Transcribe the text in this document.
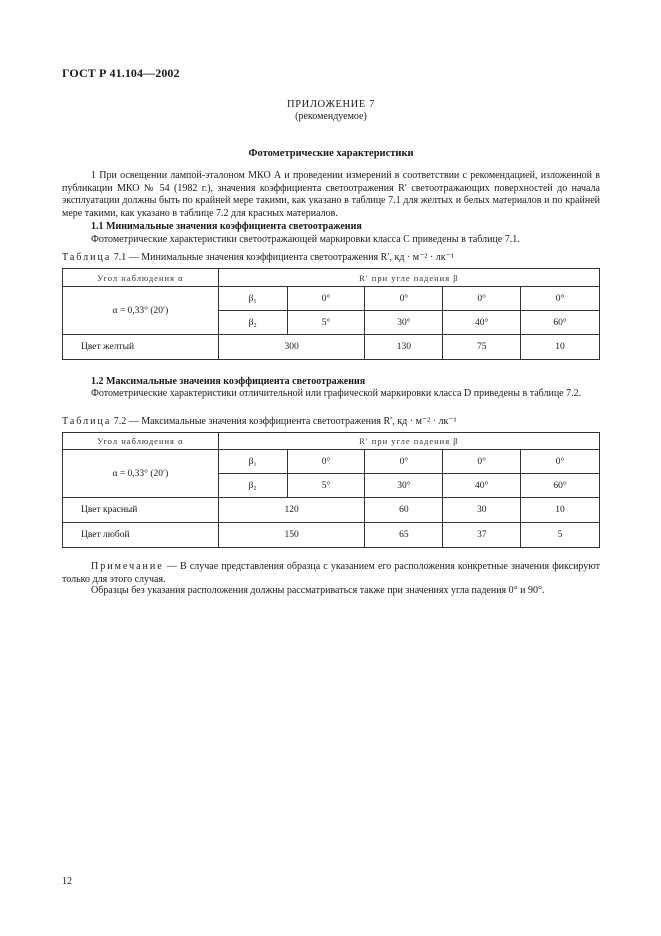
ГОСТ Р 41.104—2002
ПРИЛОЖЕНИЕ 7
(рекомендуемое)
Фотометрические характеристики
1 При освещении лампой-эталоном МКО А и проведении измерений в соответствии с рекомендацией, изложенной в публикации МКО № 54 (1982 г.), значения коэффициента светоотражения R′ светоотражающих поверхностей до начала эксплуатации должны быть по крайней мере такими, как указано в таблице 7.1 для желтых и белых материалов и по крайней мере такими, как указано в таблице 7.2 для красных материалов.
1.1 Минимальные значения коэффициента светоотражения
Фотометрические характеристики светоотражающей маркировки класса С приведены в таблице 7.1.
Таблица 7.1 — Минимальные значения коэффициента светоотражения R′, кд · м⁻² · лк⁻¹
Угол наблюдения α	R′ при угле падения β				
α = 0,33° (20′)	β₁	0°	0°	0°	0°
	β₂	5°	30°	40°	60°
Цвет желтый	300		130	75	10
1.2 Максимальные значения коэффициента светоотражения
Фотометрические характеристики отличительной или графической маркировки класса D приведены в таблице 7.2.
Таблица 7.2 — Максимальные значения коэффициента светоотражения R′, кд · м⁻² · лк⁻¹
Угол наблюдения α	R′ при угле падения β				
α = 0,33° (20′)	β₁	0°	0°	0°	0°
	β₂	5°	30°	40°	60°
Цвет красный	120		60	30	10
Цвет любой	150		65	37	5
Примечание — В случае представления образца с указанием его расположения конкретные значения фиксируют только для этого случая.
Образцы без указания расположения должны рассматриваться также при значениях угла падения 0° и 90°.
12
